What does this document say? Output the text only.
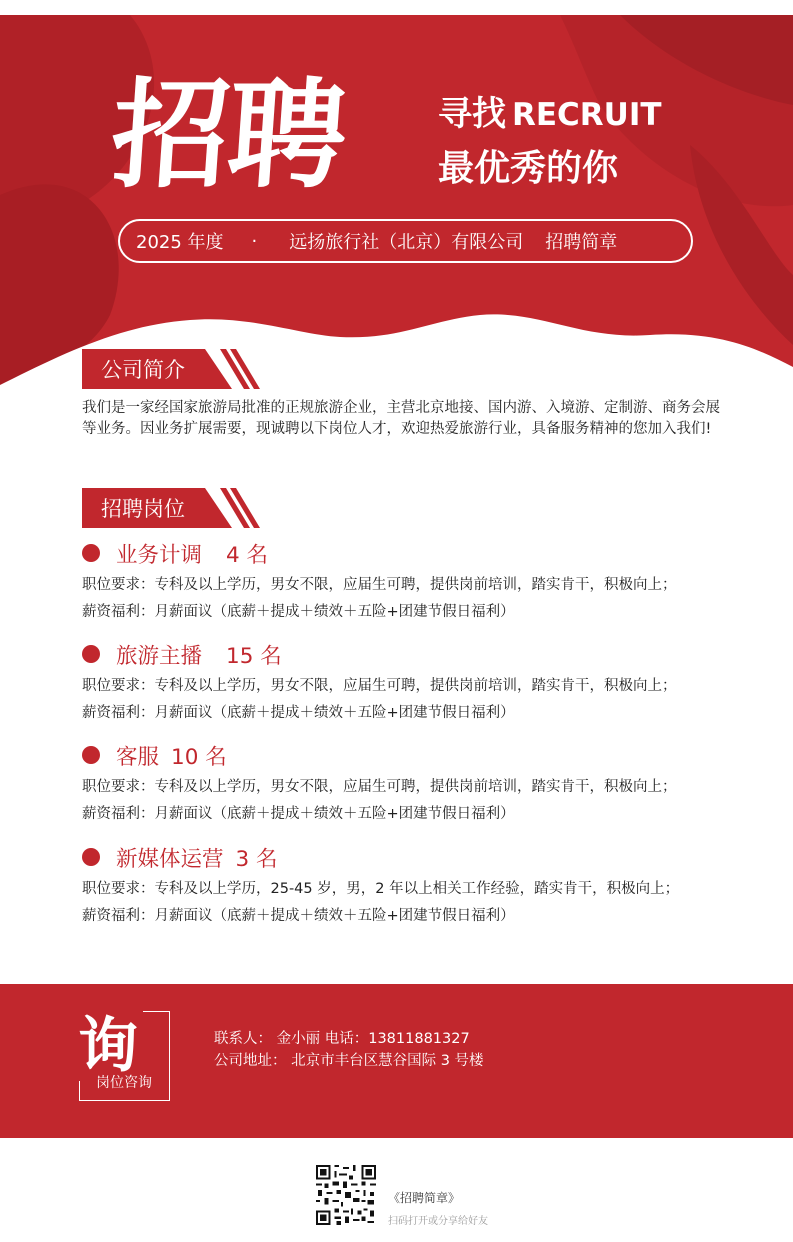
招聘	寻找 RECRUIT
最优秀的你
2025 年度 · 远扬旅行社（北京）有限公司 招聘简章
公司简介
我们是一家经国家旅游局批准的正规旅游企业，主营北京地接、国内游、入境游、定制游、商务会展等业务。因业务扩展需要，现诚聘以下岗位人才，欢迎热爱旅游行业，具备服务精神的您加入我们!
招聘岗位
业务计调 4 名
职位要求：专科及以上学历，男女不限，应届生可聘，提供岗前培训，踏实肯干，积极向上；
薪资福利：月薪面议（底薪＋提成＋绩效＋五险+团建节假日福利）
旅游主播 15 名
职位要求：专科及以上学历，男女不限，应届生可聘，提供岗前培训，踏实肯干，积极向上；
薪资福利：月薪面议（底薪＋提成＋绩效＋五险+团建节假日福利）
客服 10 名
职位要求：专科及以上学历，男女不限，应届生可聘，提供岗前培训，踏实肯干，积极向上；
薪资福利：月薪面议（底薪＋提成＋绩效＋五险+团建节假日福利）
新媒体运营 3 名
职位要求：专科及以上学历，25-45 岁，男，2 年以上相关工作经验，踏实肯干，积极向上；
薪资福利：月薪面议（底薪＋提成＋绩效＋五险+团建节假日福利）
询
岗位咨询
联系人： 金小丽 电话：13811881327
公司地址： 北京市丰台区慧谷国际 3 号楼
《招聘简章》
扫码打开或分享给好友
